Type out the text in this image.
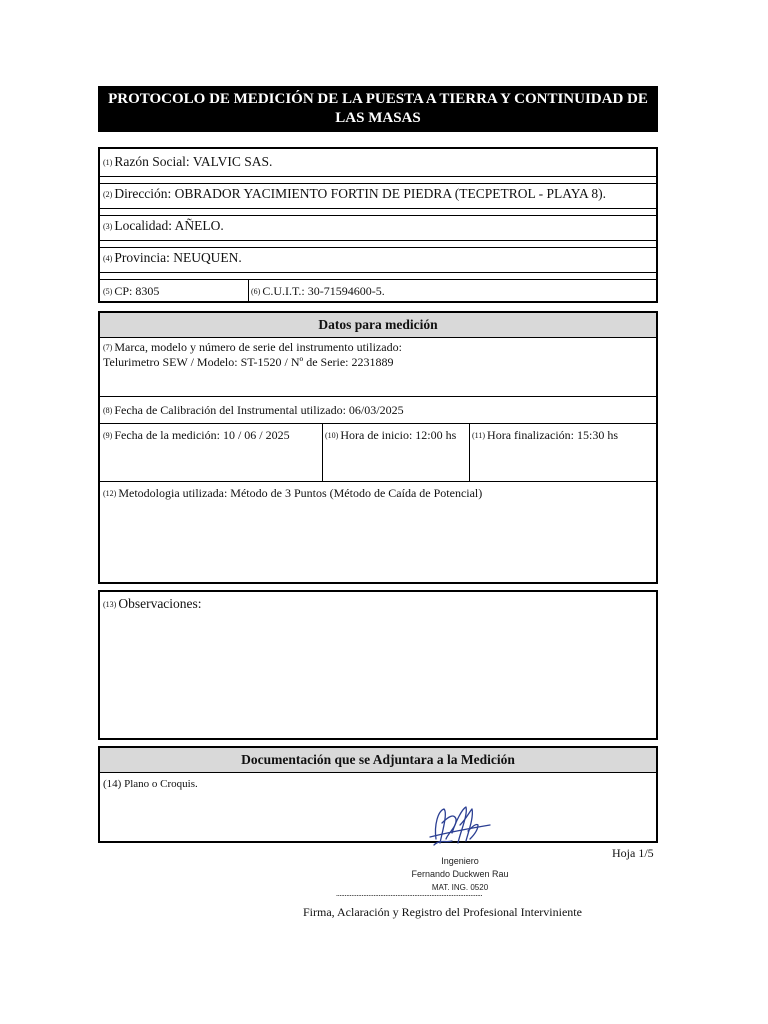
PROTOCOLO DE MEDICIÓN DE LA PUESTA A TIERRA Y CONTINUIDAD DE LAS MASAS
(1) Razón Social: VALVIC SAS.
(2) Dirección: OBRADOR YACIMIENTO FORTIN DE PIEDRA (TECPETROL - PLAYA 8).
(3) Localidad: AÑELO.
(4) Provincia: NEUQUEN.
(5) CP: 8305	(6) C.U.I.T.: 30-71594600-5.
Datos para medición
(7) Marca, modelo y número de serie del instrumento utilizado:
Telurimetro SEW / Modelo: ST-1520 / Nº de Serie: 2231889
(8) Fecha de Calibración del Instrumental utilizado: 06/03/2025
(9) Fecha de la medición: 10 / 06 / 2025	(10) Hora de inicio: 12:00 hs (11) Hora finalización: 15:30 hs
(12) Metodologia utilizada: Método de 3 Puntos (Método de Caída de Potencial)
(13) Observaciones:
Documentación que se Adjuntara a la Medición
(14) Plano o Croquis.
Hoja 1/5
Ingeniero
Fernando Duckwen Rau
MAT. ING. 0520
......................................................................................
Firma, Aclaración y Registro del Profesional Interviniente
